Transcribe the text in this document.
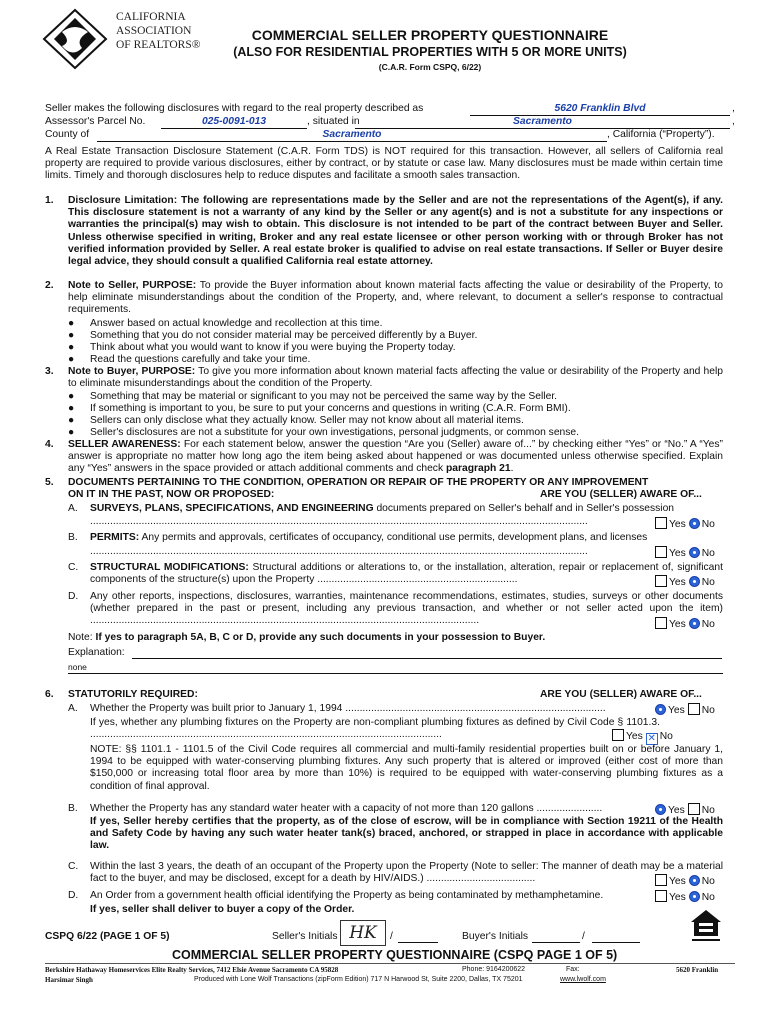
CALIFORNIA
ASSOCIATION
OF REALTORS®
COMMERCIAL SELLER PROPERTY QUESTIONNAIRE
(ALSO FOR RESIDENTIAL PROPERTIES WITH 5 OR MORE UNITS)
(C.A.R. Form CSPQ, 6/22)
Seller makes the following disclosures with regard to the real property described as	5620 Franklin Blvd	,
Assessor's Parcel No.	025-0091-013	, situated in	Sacramento	,
County of	Sacramento	, California (“Property”).
A Real Estate Transaction Disclosure Statement (C.A.R. Form TDS) is NOT required for this transaction. However, all sellers of California real property are required to provide various disclosures, either by contract, or by statute or case law. Many disclosures must be made within certain time limits. Timely and thorough disclosures help to reduce disputes and facilitate a smooth sales transaction.
1. Disclosure Limitation: The following are representations made by the Seller and are not the representations of the Agent(s), if any. This disclosure statement is not a warranty of any kind by the Seller or any agent(s) and is not a substitute for any inspections or warranties the principal(s) may wish to obtain. This disclosure is not intended to be part of the contract between Buyer and Seller. Unless otherwise specified in writing, Broker and any real estate licensee or other person working with or through Broker has not verified information provided by Seller. A real estate broker is qualified to advise on real estate transactions. If Seller or Buyer desire legal advice, they should consult a qualified California real estate attorney.
2. Note to Seller, PURPOSE: To provide the Buyer information about known material facts affecting the value or desirability of the Property, to help eliminate misunderstandings about the condition of the Property, and, where relevant, to document a seller's response to contractual requirements.
● Answer based on actual knowledge and recollection at this time.
● Something that you do not consider material may be perceived differently by a Buyer.
● Think about what you would want to know if you were buying the Property today.
● Read the questions carefully and take your time.
3. Note to Buyer, PURPOSE: To give you more information about known material facts affecting the value or desirability of the Property and help to eliminate misunderstandings about the condition of the Property.
● Something that may be material or significant to you may not be perceived the same way by the Seller.
● If something is important to you, be sure to put your concerns and questions in writing (C.A.R. Form BMI).
● Sellers can only disclose what they actually know. Seller may not know about all material items.
● Seller's disclosures are not a substitute for your own investigations, personal judgments, or common sense.
4. SELLER AWARENESS: For each statement below, answer the question “Are you (Seller) aware of...” by checking either “Yes” or “No.” A “Yes” answer is appropriate no matter how long ago the item being asked about happened or was documented unless otherwise specified. Explain any “Yes” answers in the space provided or attach additional comments and check paragraph 21.
5. DOCUMENTS PERTAINING TO THE CONDITION, OPERATION OR REPAIR OF THE PROPERTY OR ANY IMPROVEMENT
ON IT IN THE PAST, NOW OR PROPOSED:	ARE YOU (SELLER) AWARE OF...
A. SURVEYS, PLANS, SPECIFICATIONS, AND ENGINEERING documents prepared on Seller's behalf and in Seller's possession
..............................................................................................................................................................................	Yes No
B. PERMITS: Any permits and approvals, certificates of occupancy, conditional use permits, development plans, and licenses
..............................................................................................................................................................................	Yes No
C. STRUCTURAL MODIFICATIONS: Structural additions or alterations to, or the installation, alteration, repair or replacement of, significant components of the structure(s) upon the Property ......................................................................	Yes No
D. Any other reports, inspections, disclosures, warranties, maintenance recommendations, estimates, studies, surveys or other documents (whether prepared in the past or present, including any previous transaction, and whether or not seller acted upon the item) ........................................................................................................................................	Yes No
Note: If yes to paragraph 5A, B, C or D, provide any such documents in your possession to Buyer.
Explanation:
none
6. STATUTORILY REQUIRED:	ARE YOU (SELLER) AWARE OF...
A. Whether the Property was built prior to January 1, 1994 ...........................................................................................	Yes No
If yes, whether any plumbing fixtures on the Property are non-compliant plumbing fixtures as defined by Civil Code § 1101.3. ...........................................................................................................................	Yes ✕ No
NOTE: §§ 1101.1 - 1101.5 of the Civil Code requires all commercial and multi-family residential properties built on or before January 1, 1994 to be equipped with water-conserving plumbing fixtures. Any such property that is altered or improved (either cost of more than $150,000 or increasing total floor area by more than 10%) is required to be equipped with water-conserving plumbing fixtures as a condition of final approval.
B. Whether the Property has any standard water heater with a capacity of not more than 120 gallons .......................	Yes No
If yes, Seller hereby certifies that the property, as of the close of escrow, will be in compliance with Section 19211 of the Health and Safety Code by having any such water heater tank(s) braced, anchored, or strapped in place in accordance with applicable law.
C. Within the last 3 years, the death of an occupant of the Property upon the Property (Note to seller: The manner of death may be a material fact to the buyer, and may be disclosed, except for a death by HIV/AIDS.) ......................................	Yes No
D. An Order from a government health official identifying the Property as being contaminated by methamphetamine.	Yes No
If yes, seller shall deliver to buyer a copy of the Order.
CSPQ 6/22 (PAGE 1 OF 5)	Seller's Initials HK	/	Buyer's Initials	/
COMMERCIAL SELLER PROPERTY QUESTIONNAIRE (CSPQ PAGE 1 OF 5)
Berkshire Hathaway Homeservices Elite Realty Services, 7412 Elsie Avenue Sacramento CA 95828	Phone: 9164200622	Fax:	5620 Franklin
Harsimar Singh	Produced with Lone Wolf Transactions (zipForm Edition) 717 N Harwood St, Suite 2200, Dallas, TX 75201	www.lwolf.com
